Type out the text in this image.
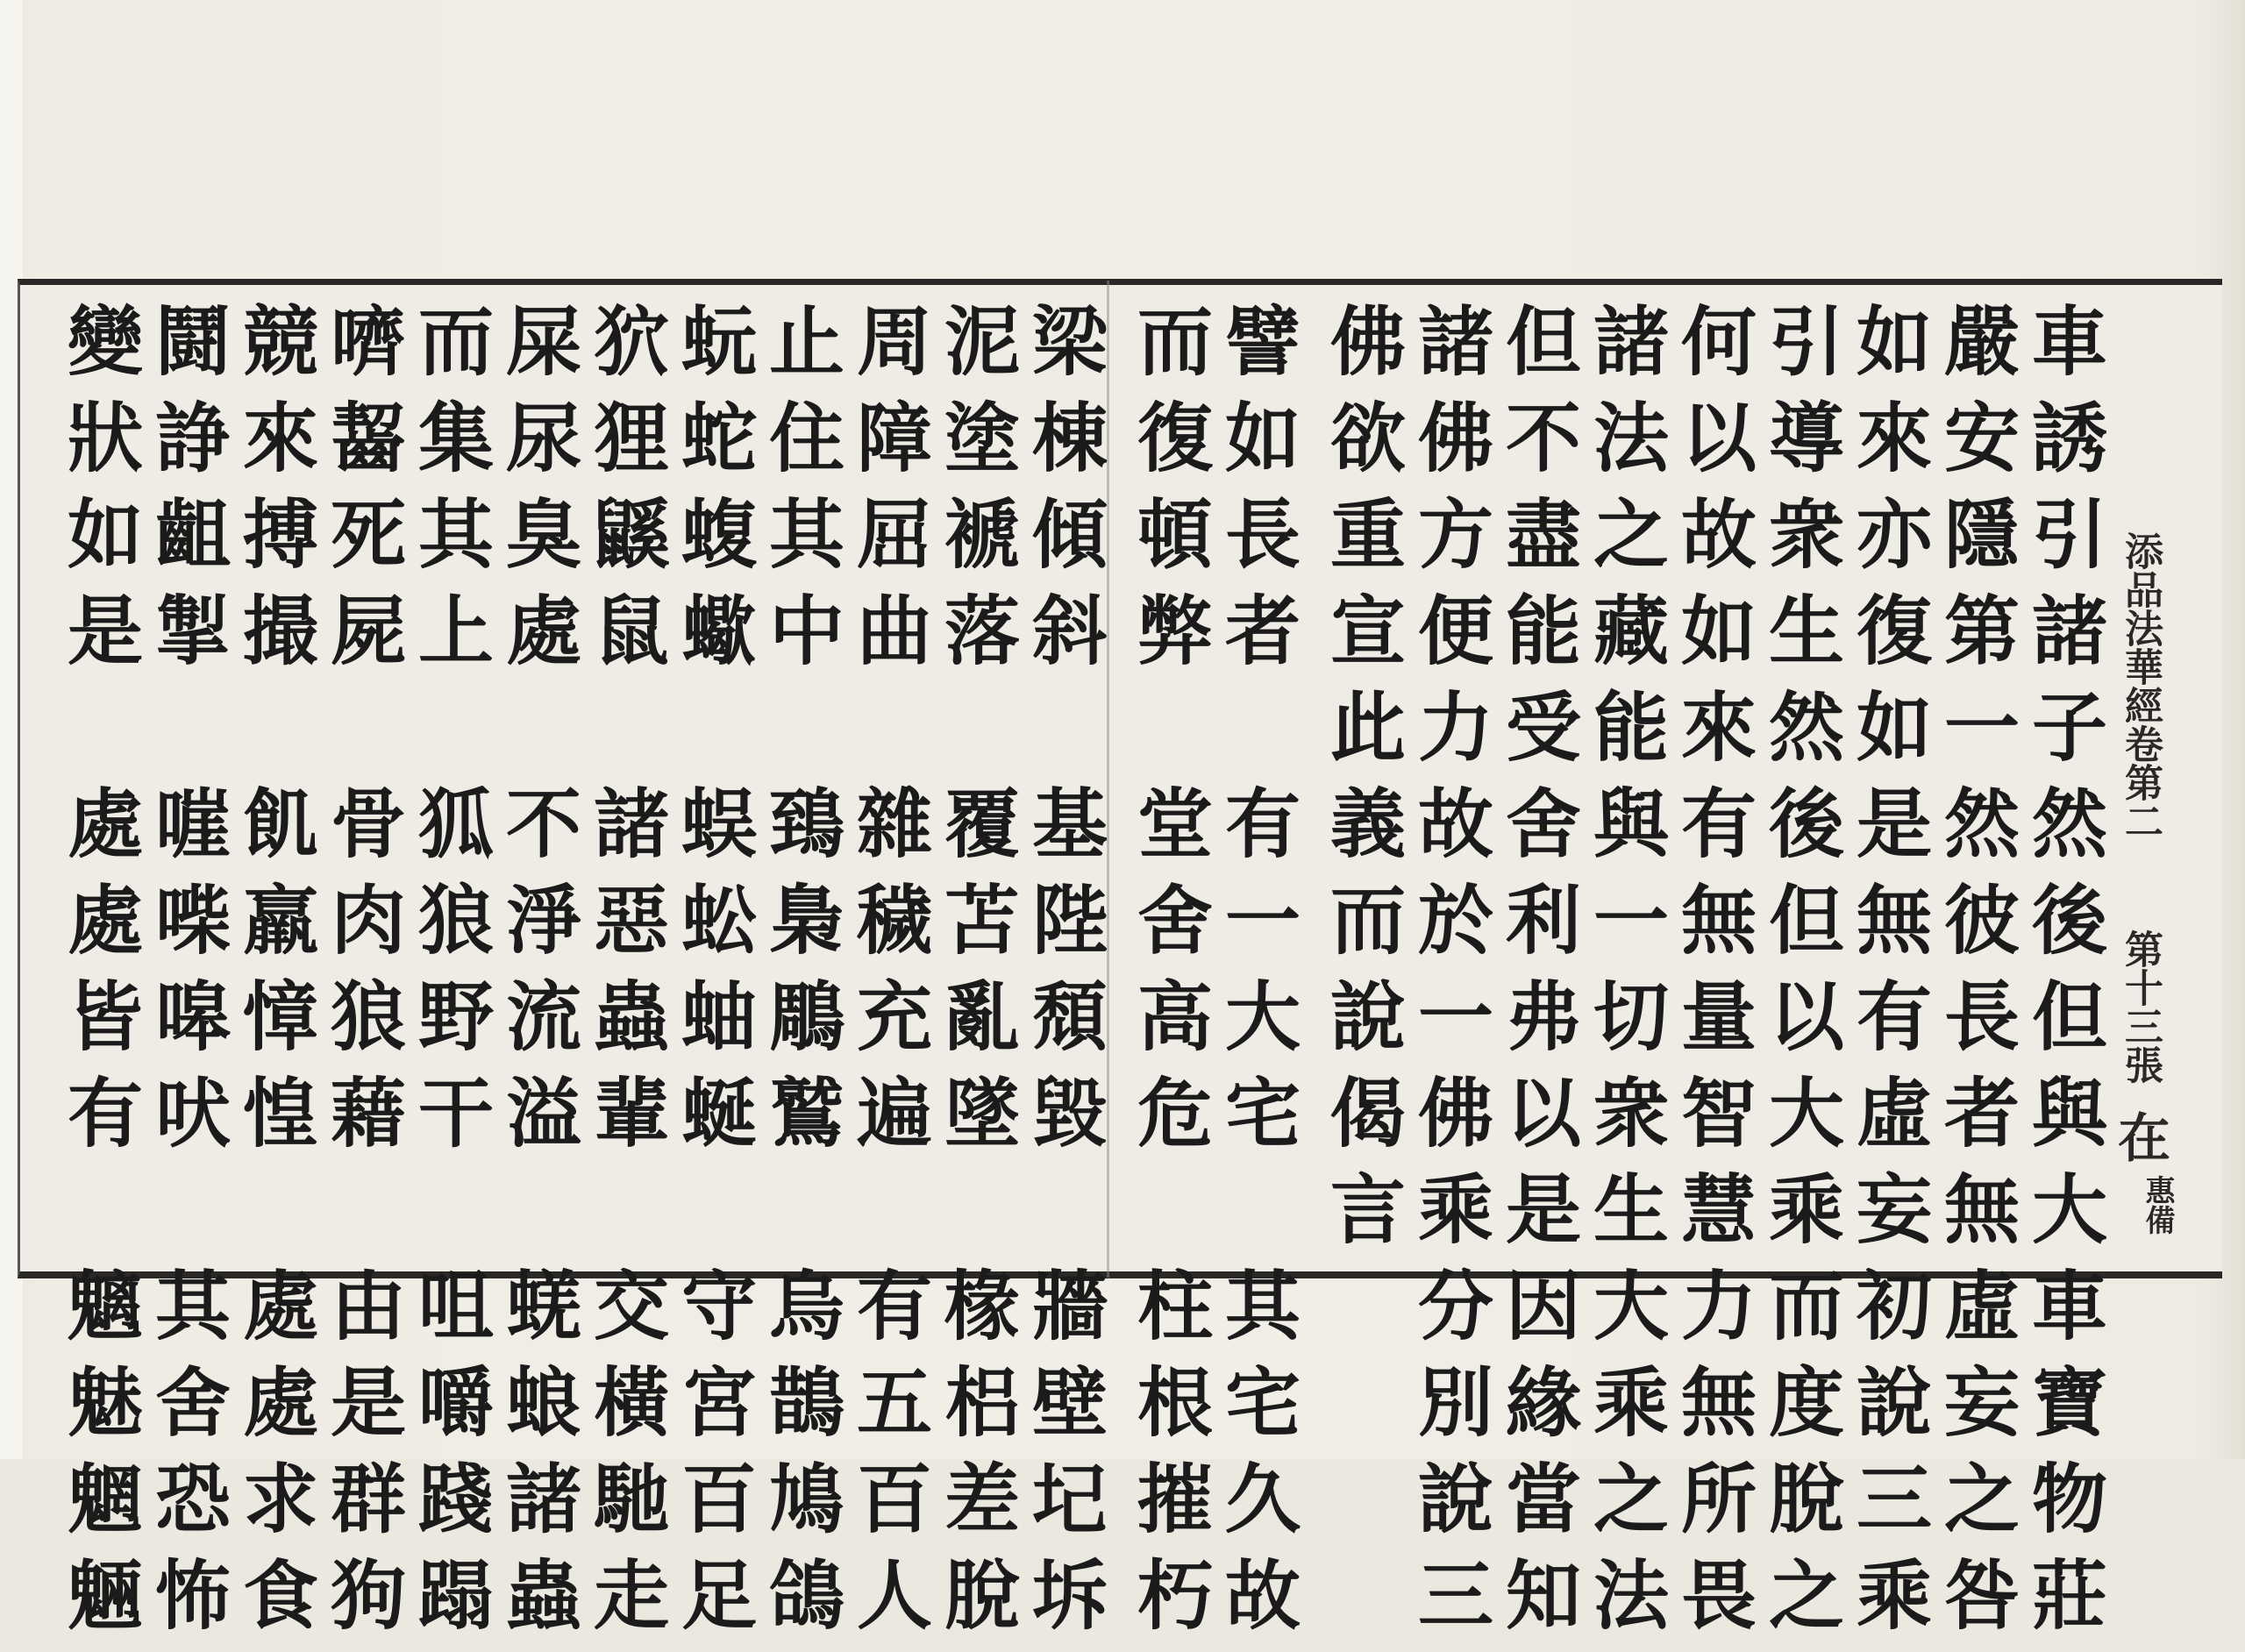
添品法華經卷第二
第十三張
在
惠備
車誘引諸子然後但與大車寶物莊
嚴安隱第一然彼長者無虛妄之咎
如來亦復如是無有虛妄初說三乘
引導衆生然後但以大乘而度脫之
何以故如來有無量智慧力無所畏
諸法之藏能與一切衆生大乘之法
但不盡能受舍利弗以是因緣當知
諸佛方便力故於一佛乘分別說三
佛欲重宣此義而說偈言
譬如長者　有一大宅　其宅久故
而復頓弊　堂舍高危　柱根摧朽
梁棟傾斜　基陛頹毀　牆壁圮坼
泥塗褫落　覆苫亂墜　椽梠差脫
周障屈曲　雜穢充遍　有五百人
止住其中　鵄梟鵰鷲　烏鵲鳩鴿
蚖蛇蝮蠍　蜈蚣蚰蜒　守宮百足
狖狸鼷鼠　諸惡蟲輩　交橫馳走
屎尿臭處　不淨流溢　蜣蜋諸蟲
而集其上　狐狼野干　咀嚼踐蹋
嚌齧死屍　骨肉狼藉　由是群狗
競來搏撮　飢羸慞惶　處處求食
鬪諍齟掣　嘊喍嗥吠　其舍恐怖
變狀如是　處處皆有　魑魅魍魎
